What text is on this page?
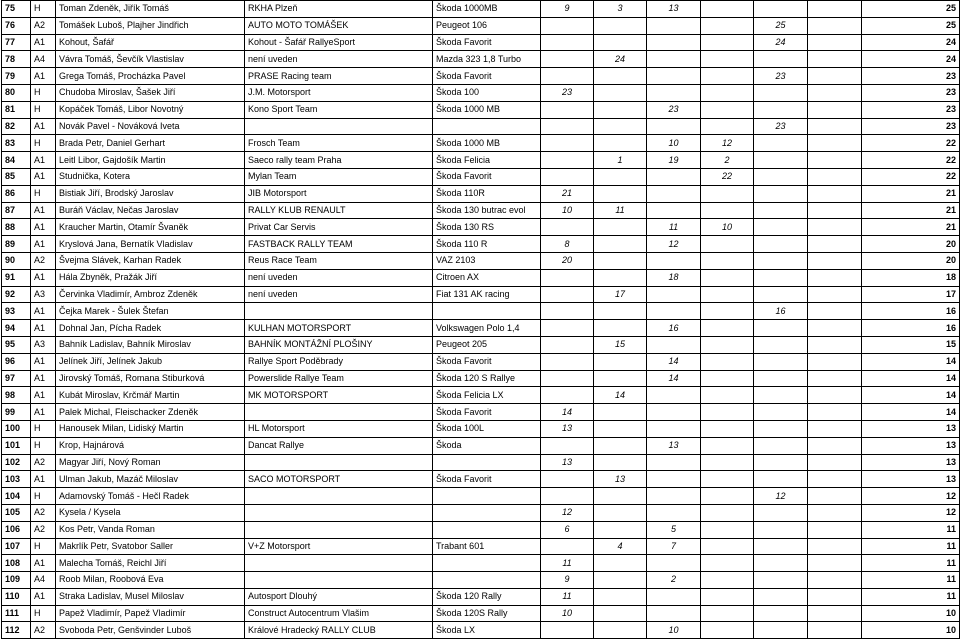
75	H	Toman Zdeněk, Jiřík Tomáš	RKHA Plzeň	Škoda 1000MB	9	3	13				25
76	A2	Tomášek Luboš, Plajher Jindřich	AUTO MOTO TOMÁŠEK	Peugeot 106					25		25
77	A1	Kohout, Šafář	Kohout - Šafář RallyeSport	Škoda Favorit					24		24
78	A4	Vávra Tomáš, Ševčík Vlastislav	není uveden	Mazda 323 1,8 Turbo		24					24
79	A1	Grega Tomáš, Procházka Pavel	PRASE Racing team	Škoda Favorit					23		23
80	H	Chudoba Miroslav, Šašek Jiří	J.M. Motorsport	Škoda 100	23						23
81	H	Kopáček Tomáš, Libor Novotný	Kono Sport Team	Škoda 1000 MB			23				23
82	A1	Novák Pavel - Nováková Iveta							23		23
83	H	Brada Petr, Daniel Gerhart	Frosch Team	Škoda 1000 MB			10	12			22
84	A1	Leitl Libor, Gajdošík Martin	Saeco rally team Praha	Škoda Felicia		1	19	2			22
85	A1	Studnička, Kotera	Mylan Team	Škoda Favorit				22			22
86	H	Bistiak Jiří, Brodský Jaroslav	JIB Motorsport	Škoda 110R	21						21
87	A1	Buráň Václav, Nečas Jaroslav	RALLY KLUB RENAULT	Škoda 130 butrac evol	10	11					21
88	A1	Kraucher Martin, Otamír Švaněk	Privat Car Servis	Škoda 130 RS			11	10			21
89	A1	Kryslová Jana, Bernatík Vladislav	FASTBACK RALLY TEAM	Škoda 110 R	8		12				20
90	A2	Švejma Slávek, Karhan Radek	Reus Race Team	VAZ 2103	20						20
91	A1	Hála Zbyněk, Pražák Jiří	není uveden	Citroen AX			18				18
92	A3	Červinka Vladimír, Ambroz Zdeněk	není uveden	Fiat 131 AK racing		17					17
93	A1	Čejka Marek - Šulek Štefan							16		16
94	A1	Dohnal Jan, Pícha Radek	KULHAN MOTORSPORT	Volkswagen Polo 1,4			16				16
95	A3	Bahník Ladislav, Bahník Miroslav	BAHNÍK MONTÁŽNÍ PLOŠINY	Peugeot 205		15					15
96	A1	Jelínek Jiří, Jelínek Jakub	Rallye Sport Poděbrady	Škoda Favorit			14				14
97	A1	Jirovský Tomáš, Romana Stiburková	Powerslide Rallye Team	Škoda 120 S Rallye			14				14
98	A1	Kubát Miroslav, Krčmář Martin	MK MOTORSPORT	Škoda Felicia LX		14					14
99	A1	Palek Michal, Fleischacker Zdeněk		Škoda Favorit	14						14
100	H	Hanousek Milan, Lidiský Martin	HL Motorsport	Škoda 100L	13						13
101	H	Krop, Hajnárová	Dancat Rallye	Škoda			13				13
102	A2	Magyar Jiří, Nový Roman			13						13
103	A1	Ulman Jakub, Mazáč Miloslav	SACO MOTORSPORT	Škoda Favorit		13					13
104	H	Adamovský Tomáš - Hečl Radek							12		12
105	A2	Kysela / Kysela			12						12
106	A2	Kos Petr, Vanda Roman			6		5				11
107	H	Makrlík Petr, Svatobor Saller	V+Z Motorsport	Trabant 601		4	7				11
108	A1	Malecha Tomáš, Reichl Jiří			11						11
109	A4	Roob Milan, Roobová Eva			9		2				11
110	A1	Straka Ladislav, Musel Miloslav	Autosport Dlouhý	Škoda 120 Rally	11						11
111	H	Papež Vladimír, Papež Vladimír	Construct Autocentrum Vlašim	Škoda 120S Rally	10						10
112	A2	Svoboda Petr, Genšvinder Luboš	Králové Hradecký RALLY CLUB	Škoda LX			10				10
